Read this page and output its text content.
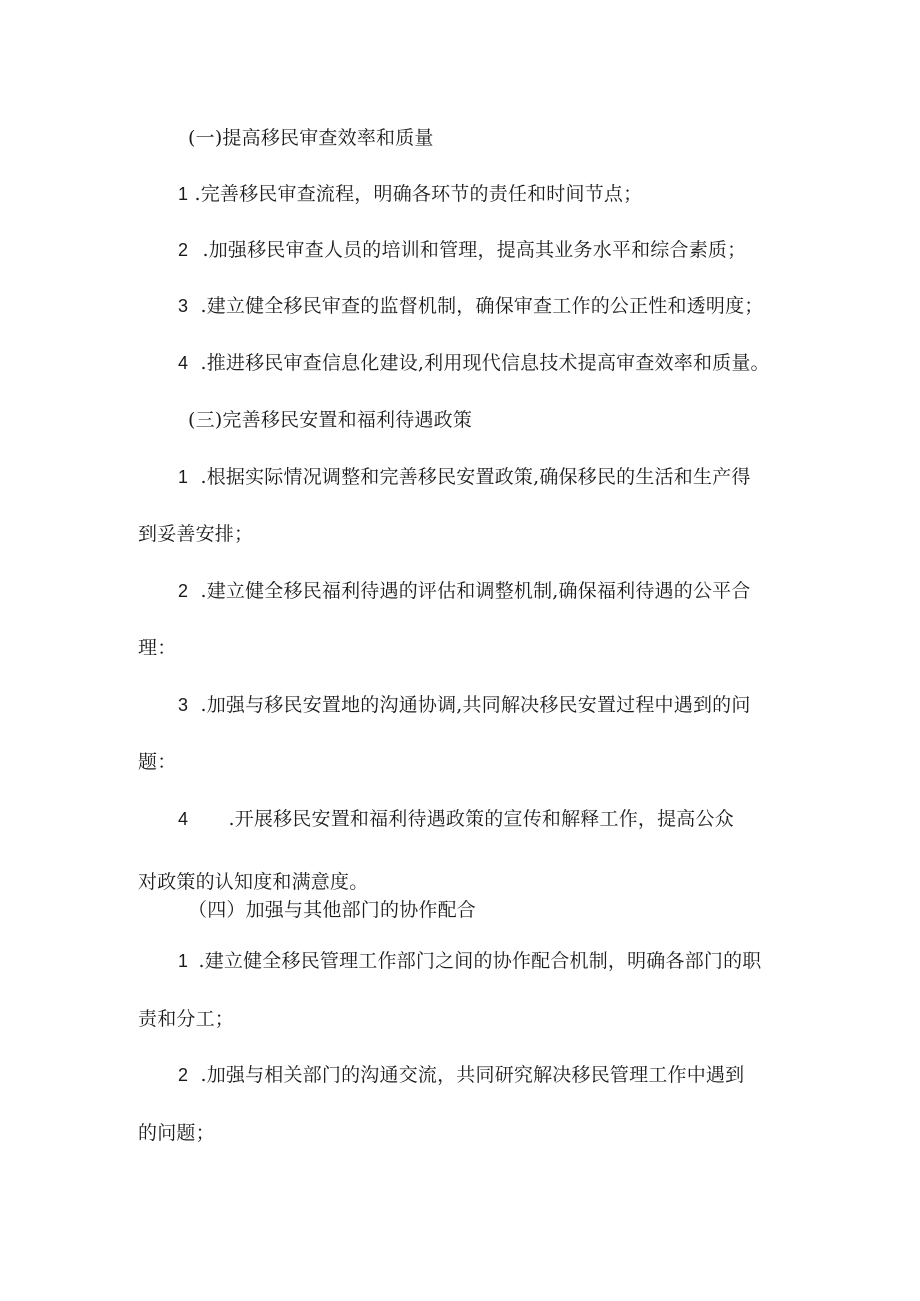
(一)提高移民审查效率和质量
1 .完善移民审查流程，明确各环节的责任和时间节点；
2 .加强移民审查人员的培训和管理，提高其业务水平和综合素质；
3 .建立健全移民审查的监督机制，确保审查工作的公正性和透明度；
4 .推进移民审查信息化建设,利用现代信息技术提高审查效率和质量。
(三)完善移民安置和福利待遇政策
1 .根据实际情况调整和完善移民安置政策,确保移民的生活和生产得
到妥善安排；
2 .建立健全移民福利待遇的评估和调整机制,确保福利待遇的公平合
理：
3 .加强与移民安置地的沟通协调,共同解决移民安置过程中遇到的问
题：
4 .开展移民安置和福利待遇政策的宣传和解释工作，提高公众
对政策的认知度和满意度。
（四）加强与其他部门的协作配合
1 .建立健全移民管理工作部门之间的协作配合机制，明确各部门的职
责和分工；
2 .加强与相关部门的沟通交流，共同研究解决移民管理工作中遇到
的问题；
